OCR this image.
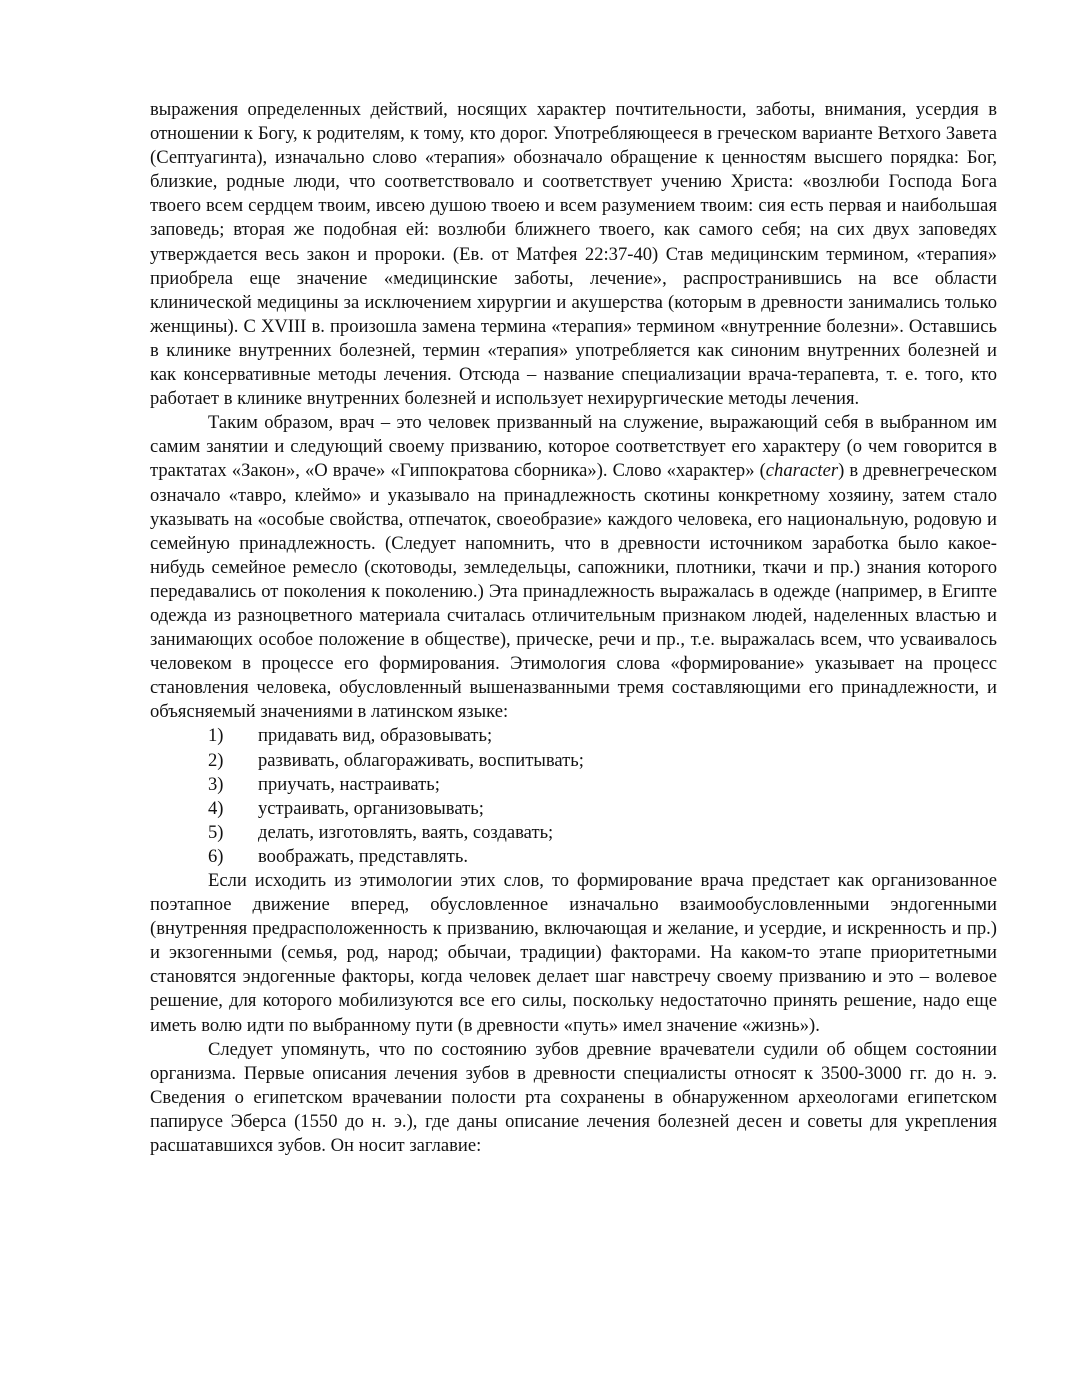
выражения определенных действий, носящих характер почтительности, заботы, внимания, усердия в отношении к Богу, к родителям, к тому, кто дорог. Употребляющееся в греческом варианте Ветхого Завета (Септуагинта), изначально слово «терапия» обозначало обращение к ценностям высшего порядка: Бог, близкие, родные люди, что соответствовало и соответствует учению Христа: «возлюби Господа Бога твоего всем сердцем твоим, ивсею душою твоею и всем разумением твоим: сия есть первая и наибольшая заповедь; вторая же подобная ей: возлюби ближнего твоего, как самого себя; на сих двух заповедях утверждается весь закон и пророки. (Ев. от Матфея 22:37-40) Став медицинским термином, «терапия» приобрела еще значение «медицинские заботы, лечение», распространившись на все области клинической медицины за исключением хирургии и акушерства (которым в древности занимались только женщины). С XVIII в. произошла замена термина «терапия» термином «внутренние болезни». Оставшись в клинике внутренних болезней, термин «терапия» употребляется как синоним внутренних болезней и как консервативные методы лечения. Отсюда – название специализации врача-терапевта, т. е. того, кто работает в клинике внутренних болезней и использует нехирургические методы лечения.

Таким образом, врач – это человек призванный на служение, выражающий себя в выбранном им самим занятии и следующий своему призванию, которое соответствует его характеру (о чем говорится в трактатах «Закон», «О враче» «Гиппократова сборника»). Слово «характер» (character) в древнегреческом означало «тавро, клеймо» и указывало на принадлежность скотины конкретному хозяину, затем стало указывать на «особые свойства, отпечаток, своеобразие» каждого человека, его национальную, родовую и семейную принадлежность. (Следует напомнить, что в древности источником заработка было какое-нибудь семейное ремесло (скотоводы, земледельцы, сапожники, плотники, ткачи и пр.) знания которого передавались от поколения к поколению.) Эта принадлежность выражалась в одежде (например, в Египте одежда из разноцветного материала считалась отличительным признаком людей, наделенных властью и занимающих особое положение в обществе), прическе, речи и пр., т.е. выражалась всем, что усваивалось человеком в процессе его формирования. Этимология слова «формирование» указывает на процесс становления человека, обусловленный вышеназванными тремя составляющими его принадлежности, и объясняемый значениями в латинском языке:

1)	придавать вид, образовывать;
2)	развивать, облагораживать, воспитывать;
3)	приучать, настраивать;
4)	устраивать, организовывать;
5)	делать, изготовлять, ваять, создавать;
6)	воображать, представлять.

Если исходить из этимологии этих слов, то формирование врача предстает как организованное поэтапное движение вперед, обусловленное изначально взаимообусловленными эндогенными (внутренняя предрасположенность к призванию, включающая и желание, и усердие, и искренность и пр.) и экзогенными (семья, род, народ; обычаи, традиции) факторами. На каком-то этапе приоритетными становятся эндогенные факторы, когда человек делает шаг навстречу своему призванию и это – волевое решение, для которого мобилизуются все его силы, поскольку недостаточно принять решение, надо еще иметь волю идти по выбранному пути (в древности «путь» имел значение «жизнь»).

Следует упомянуть, что по состоянию зубов древние врачеватели судили об общем состоянии организма. Первые описания лечения зубов в древности специалисты относят к 3500-3000 гг. до н. э. Сведения о египетском врачевании полости рта сохранены в обнаруженном археологами египетском папирусе Эберса (1550 до н. э.), где даны описание лечения болезней десен и советы для укрепления расшатавшихся зубов. Он носит заглавие:
